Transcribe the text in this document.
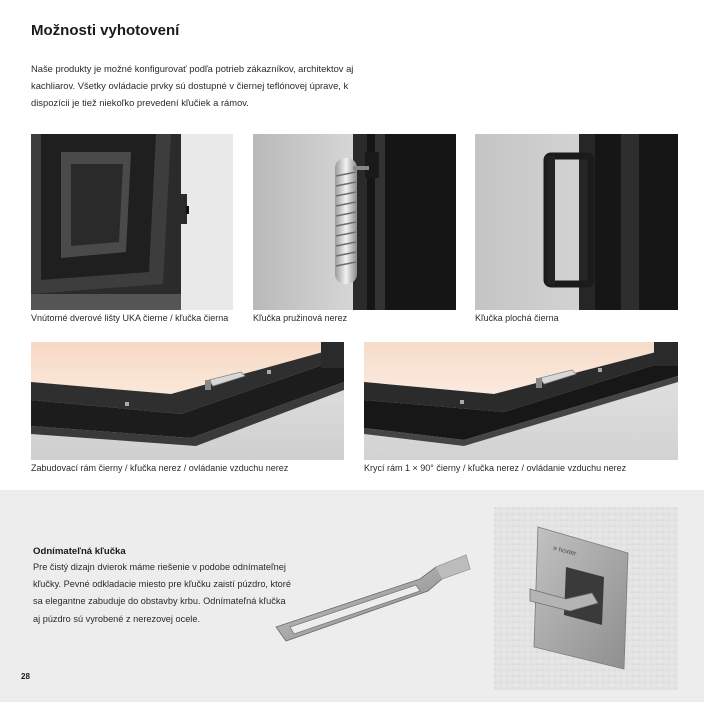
Možnosti vyhotovení
Naše produkty je možné konfigurovať podľa potrieb zákazníkov, architektov aj kachliarov. Všetky ovládacie prvky sú dostupné v čiernej teflónovej úprave, k dispozícii je tiež niekoľko prevedení kľučiek a rámov.
Vnútorné dverové lišty UKA čierne / kľučka čierna	Kľučka pružinová nerez	Kľučka plochá čierna
Zabudovací rám čierny / kľučka nerez / ovládanie vzduchu nerez	Krycí rám 1 × 90° čierny / kľučka nerez / ovládanie vzduchu nerez
Odnímateľná kľučka
Pre čistý dizajn dvierok máme riešenie v podobe odnímateľnej kľučky. Pevné odkladacie miesto pre kľučku zaistí púzdro, ktoré sa elegantne zabuduje do obstavby krbu. Odnímateľná kľučka aj púzdro sú vyrobené z nerezovej ocele.
≡ hoxter
28
